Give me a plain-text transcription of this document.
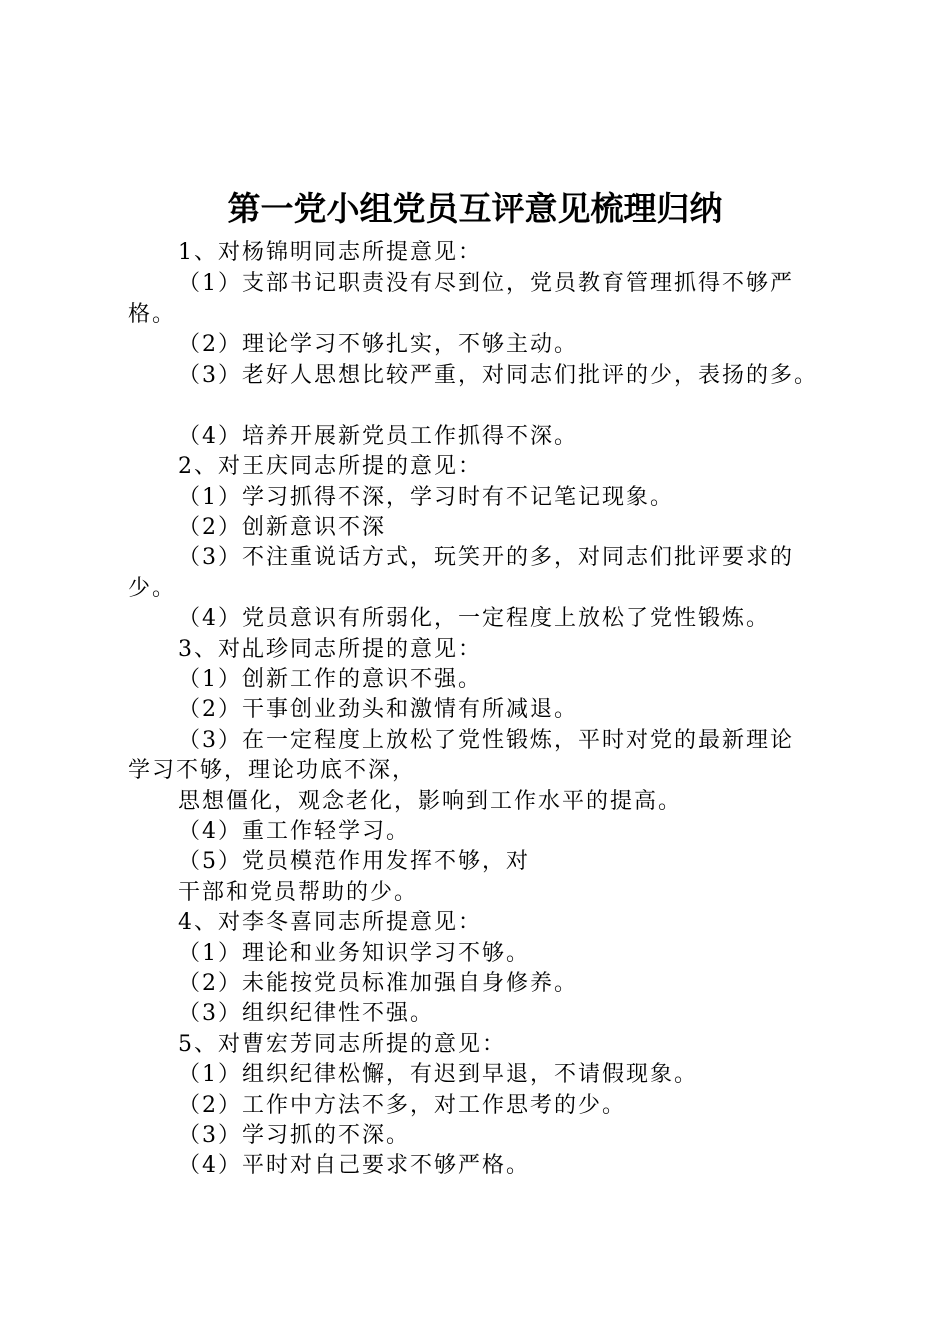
第一党小组党员互评意见梳理归纳
1、对杨锦明同志所提意见：
（1）支部书记职责没有尽到位，党员教育管理抓得不够严
格。
（2）理论学习不够扎实，不够主动。
（3）老好人思想比较严重，对同志们批评的少，表扬的多。
（4）培养开展新党员工作抓得不深。
2、对王庆同志所提的意见：
（1）学习抓得不深，学习时有不记笔记现象。
（2）创新意识不深
（3）不注重说话方式，玩笑开的多，对同志们批评要求的
少。
（4）党员意识有所弱化，一定程度上放松了党性锻炼。
3、对乩珍同志所提的意见：
（1）创新工作的意识不强。
（2）干事创业劲头和激情有所减退。
（3）在一定程度上放松了党性锻炼，平时对党的最新理论
学习不够，理论功底不深，
思想僵化，观念老化，影响到工作水平的提高。
（4）重工作轻学习。
（5）党员模范作用发挥不够，对
干部和党员帮助的少。
4、对李冬喜同志所提意见：
（1）理论和业务知识学习不够。
（2）未能按党员标准加强自身修养。
（3）组织纪律性不强。
5、对曹宏芳同志所提的意见：
（1）组织纪律松懈，有迟到早退，不请假现象。
（2）工作中方法不多，对工作思考的少。
（3）学习抓的不深。
（4）平时对自己要求不够严格。
